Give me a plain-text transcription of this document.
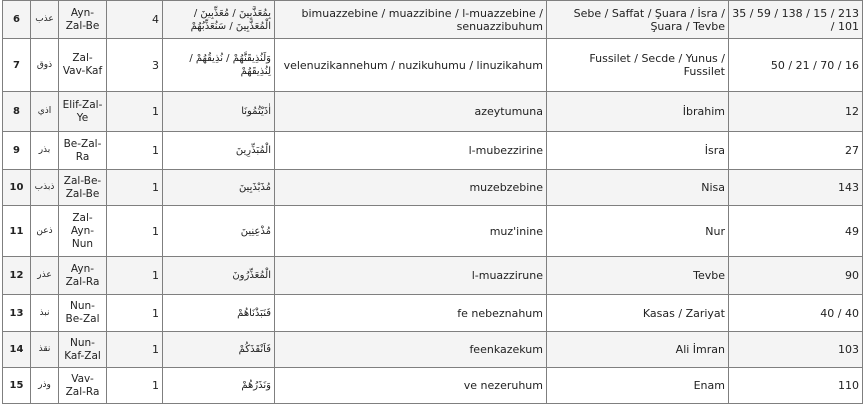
6	عذب	Ayn-Zal-Be	4	بِمُعَذَّبِينَ / مُعَذِّبِينَ / الْمُعَذَّبِينَ / سَنُعَذِّبُهُمْ	bimuazzebine / muazzibine / l-muazzebine / senuazzibuhum	Sebe / Saffat / Şuara / İsra / Şuara / Tevbe	35 / 59 / 138 / 15 / 213 / 101
7	ذوق	Zal-Vav-Kaf	3	وَلَنُذِيقَنَّهُمْ / نُذِيقُهُمْ / لِنُذِيقَهُمْ	velenuzikannehum / nuzikuhumu / linuzikahum	Fussilet / Secde / Yunus / Fussilet	50 / 21 / 70 / 16
8	اذي	Elif-Zal-Ye	1	اٰذَيْتُمُونَا	azeytumuna	İbrahim	12
9	بذر	Be-Zal-Ra	1	الْمُبَذِّرِينَ	l-mubezzirine	İsra	27
10	ذبذب	Zal-Be-Zal-Be	1	مُذَبْذَبِينَ	muzebzebine	Nisa	143
11	ذعن	Zal-Ayn-Nun	1	مُذْعِنِينَ	muz'inine	Nur	49
12	عذر	Ayn-Zal-Ra	1	الْمُعَذِّرُونَ	l-muazzirune	Tevbe	90
13	نبذ	Nun-Be-Zal	1	فَنَبَذْنَاهُمْ	fe nebeznahum	Kasas / Zariyat	40 / 40
14	نقذ	Nun-Kaf-Zal	1	فَاَنْقَذَكُمْ	feenkazekum	Ali İmran	103
15	وذر	Vav-Zal-Ra	1	وَنَذَرُهُمْ	ve nezeruhum	Enam	110
